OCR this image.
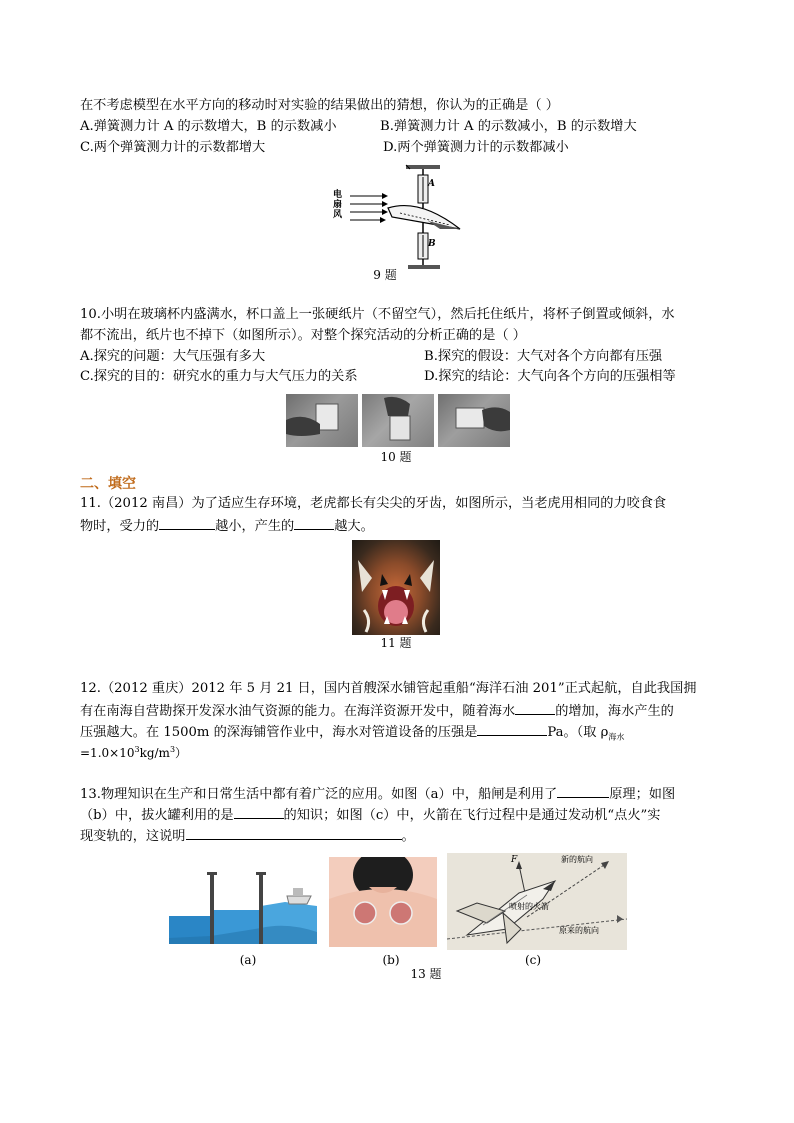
在不考虑模型在水平方向的移动时对实验的结果做出的猜想，你认为的正确是（ ）
A.弹簧测力计 A 的示数增大，B 的示数减小	B.弹簧测力计 A 的示数减小，B 的示数增大
C.两个弹簧测力计的示数都增大	D.两个弹簧测力计的示数都减小
电
扇
风
A
B
9 题
10.小明在玻璃杯内盛满水，杯口盖上一张硬纸片（不留空气），然后托住纸片，将杯子倒置或倾斜，水
都不流出，纸片也不掉下（如图所示）。对整个探究活动的分析正确的是（ ）
A.探究的问题：大气压强有多大	B.探究的假设：大气对各个方向都有压强
C.探究的目的：研究水的重力与大气压力的关系	D.探究的结论：大气向各个方向的压强相等
10 题
二、填空
11.（2012 南昌）为了适应生存环境，老虎都长有尖尖的牙齿，如图所示，当老虎用相同的力咬食食
物时，受力的	越小，产生的	越大。
11 题
12.（2012 重庆）2012 年 5 月 21 日，国内首艘深水铺管起重船“海洋石油 201”正式起航，自此我国拥
有在南海自营勘探开发深水油气资源的能力。在海洋资源开发中，随着海水	的增加，海水产生的
压强越大。在 1500m 的深海铺管作业中，海水对管道设备的压强是	Pa。（取 $\rho_{海水}$
$=1.0\times 10^3kg/m^3$）
13.物理知识在生产和日常生活中都有着广泛的应用。如图（a）中，船闸是利用了	原理；如图
（b）中，拔火罐利用的是	的知识；如图（c）中，火箭在飞行过程中是通过发动机“点火”实
现变轨的，这说明	。
新的航向
喷射的火箭
原来的航向
F
(a)	(b)	(c)
13 题
